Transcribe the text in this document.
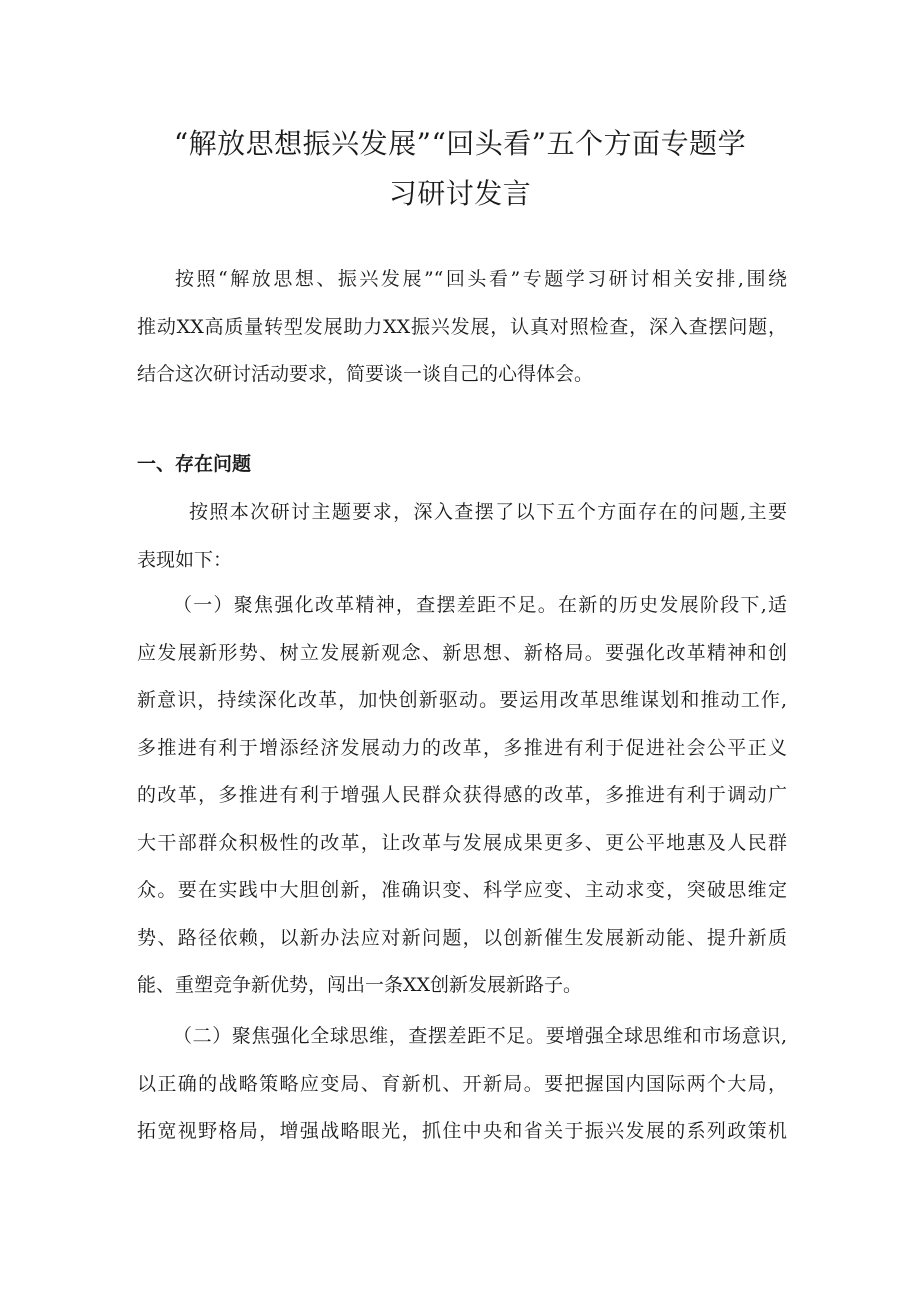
“解放思想振兴发展”“回头看”五个方面专题学
习研讨发言

按照“解放思想、振兴发展”“回头看”专题学习研讨相关安排,围绕
推动XX高质量转型发展助力XX振兴发展，认真对照检查，深入查摆问题，
结合这次研讨活动要求，简要谈一谈自己的心得体会。

一、存在问题

按照本次研讨主题要求，深入查摆了以下五个方面存在的问题,主要
表现如下：

（一）聚焦强化改革精神，查摆差距不足。在新的历史发展阶段下,适
应发展新形势、树立发展新观念、新思想、新格局。要强化改革精神和创
新意识，持续深化改革，加快创新驱动。要运用改革思维谋划和推动工作,
多推进有利于增添经济发展动力的改革，多推进有利于促进社会公平正义
的改革，多推进有利于增强人民群众获得感的改革，多推进有利于调动广
大干部群众积极性的改革，让改革与发展成果更多、更公平地惠及人民群
众。要在实践中大胆创新，准确识变、科学应变、主动求变，突破思维定
势、路径依赖，以新办法应对新问题，以创新催生发展新动能、提升新质
能、重塑竞争新优势，闯出一条XX创新发展新路子。

（二）聚焦强化全球思维，查摆差距不足。要增强全球思维和市场意识,
以正确的战略策略应变局、育新机、开新局。要把握国内国际两个大局，
拓宽视野格局，增强战略眼光，抓住中央和省关于振兴发展的系列政策机
